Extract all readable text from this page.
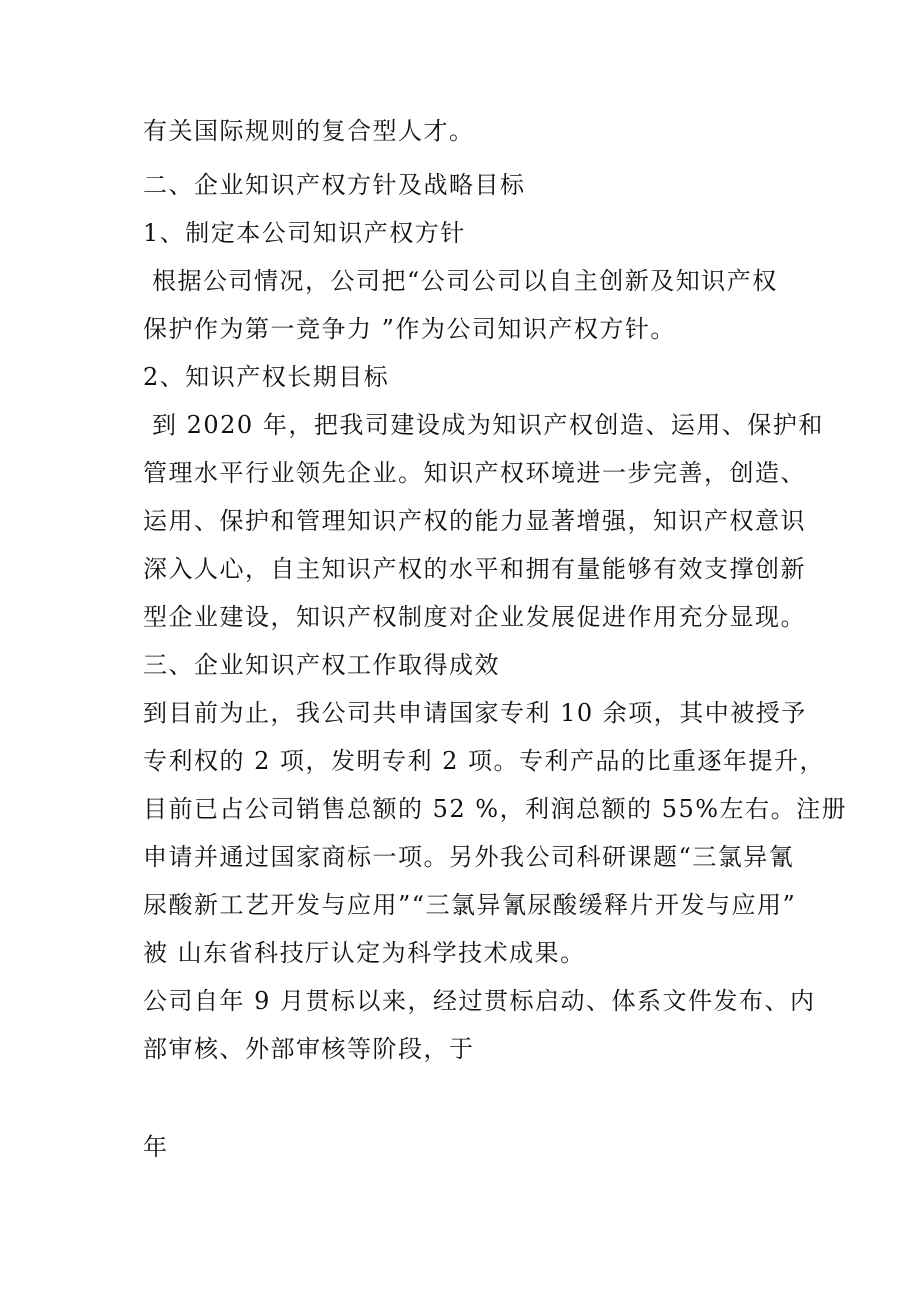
有关国际规则的复合型人才。
二、企业知识产权方针及战略目标
1、制定本公司知识产权方针
根据公司情况，公司把“公司公司以自主创新及知识产权
保护作为第一竞争力 ”作为公司知识产权方针。
2、知识产权长期目标
到 2020 年，把我司建设成为知识产权创造、运用、保护和
管理水平行业领先企业。知识产权环境进一步完善，创造、
运用、保护和管理知识产权的能力显著增强，知识产权意识
深入人心，自主知识产权的水平和拥有量能够有效支撑创新
型企业建设，知识产权制度对企业发展促进作用充分显现。
三、企业知识产权工作取得成效
到目前为止，我公司共申请国家专利 10 余项，其中被授予
专利权的 2 项，发明专利 2 项。专利产品的比重逐年提升，
目前已占公司销售总额的 52 %，利润总额的 55%左右。注册
申请并通过国家商标一项。另外我公司科研课题“三氯异氰
尿酸新工艺开发与应用”“三氯异氰尿酸缓释片开发与应用”
被 山东省科技厅认定为科学技术成果。
公司自年 9 月贯标以来，经过贯标启动、体系文件发布、内
部审核、外部审核等阶段，于
年
